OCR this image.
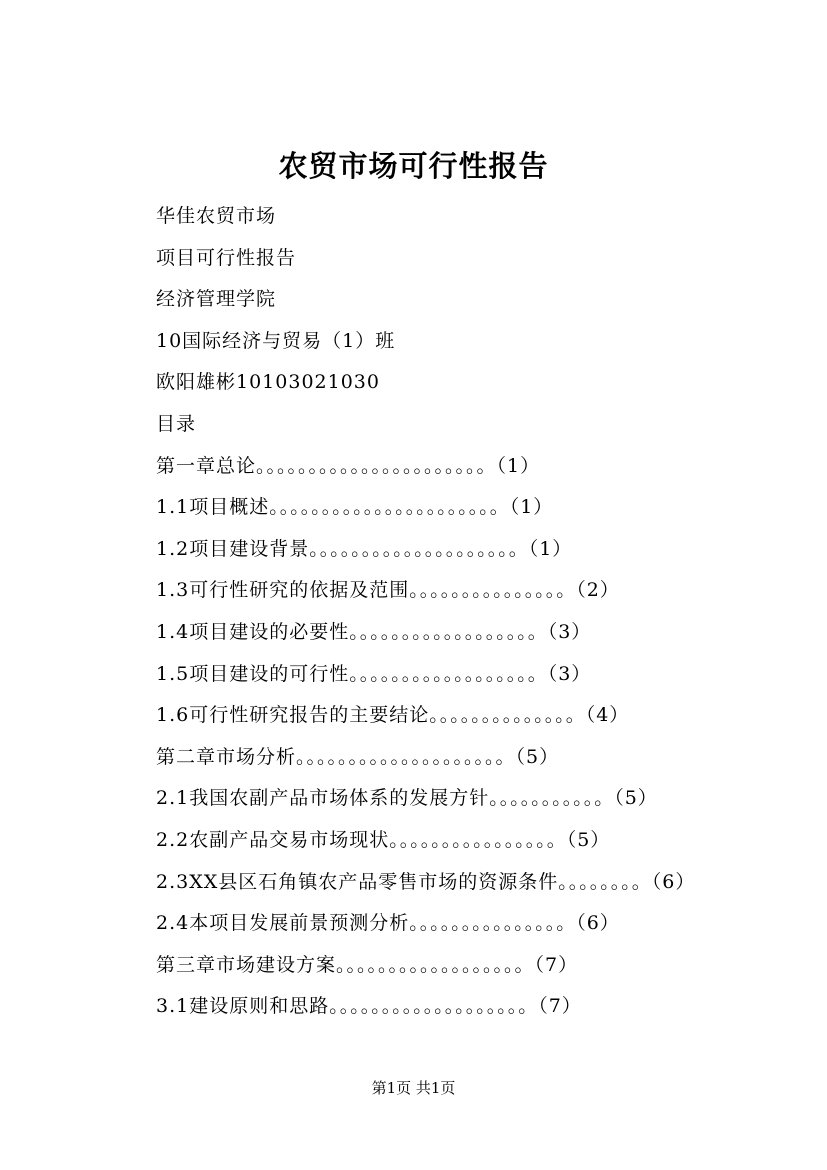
农贸市场可行性报告
华佳农贸市场
项目可行性报告
经济管理学院
10国际经济与贸易（1）班
欧阳雄彬10103021030
目录
第一章总论。。。。。。。。。。。。。。。。。。。。。。（1）
1.1项目概述。。。。。。。。。。。。。。。。。。。。。。（1）
1.2项目建设背景。。。。。。。。。。。。。。。。。。。。（1）
1.3可行性研究的依据及范围。。。。。。。。。。。。。。。（2）
1.4项目建设的必要性。。。。。。。。。。。。。。。。。。（3）
1.5项目建设的可行性。。。。。。。。。。。。。。。。。。（3）
1.6可行性研究报告的主要结论。。。。。。。。。。。。。。（4）
第二章市场分析。。。。。。。。。。。。。。。。。。。。（5）
2.1我国农副产品市场体系的发展方针。。。。。。。。。。。（5）
2.2农副产品交易市场现状。。。。。。。。。。。。。。。。（5）
2.3XX县区石角镇农产品零售市场的资源条件。。。。。。。。（6）
2.4本项目发展前景预测分析。。。。。。。。。。。。。。。（6）
第三章市场建设方案。。。。。。。。。。。。。。。。。。（7）
3.1建设原则和思路。。。。。。。。。。。。。。。。。。。（7）
第1页 共1页
